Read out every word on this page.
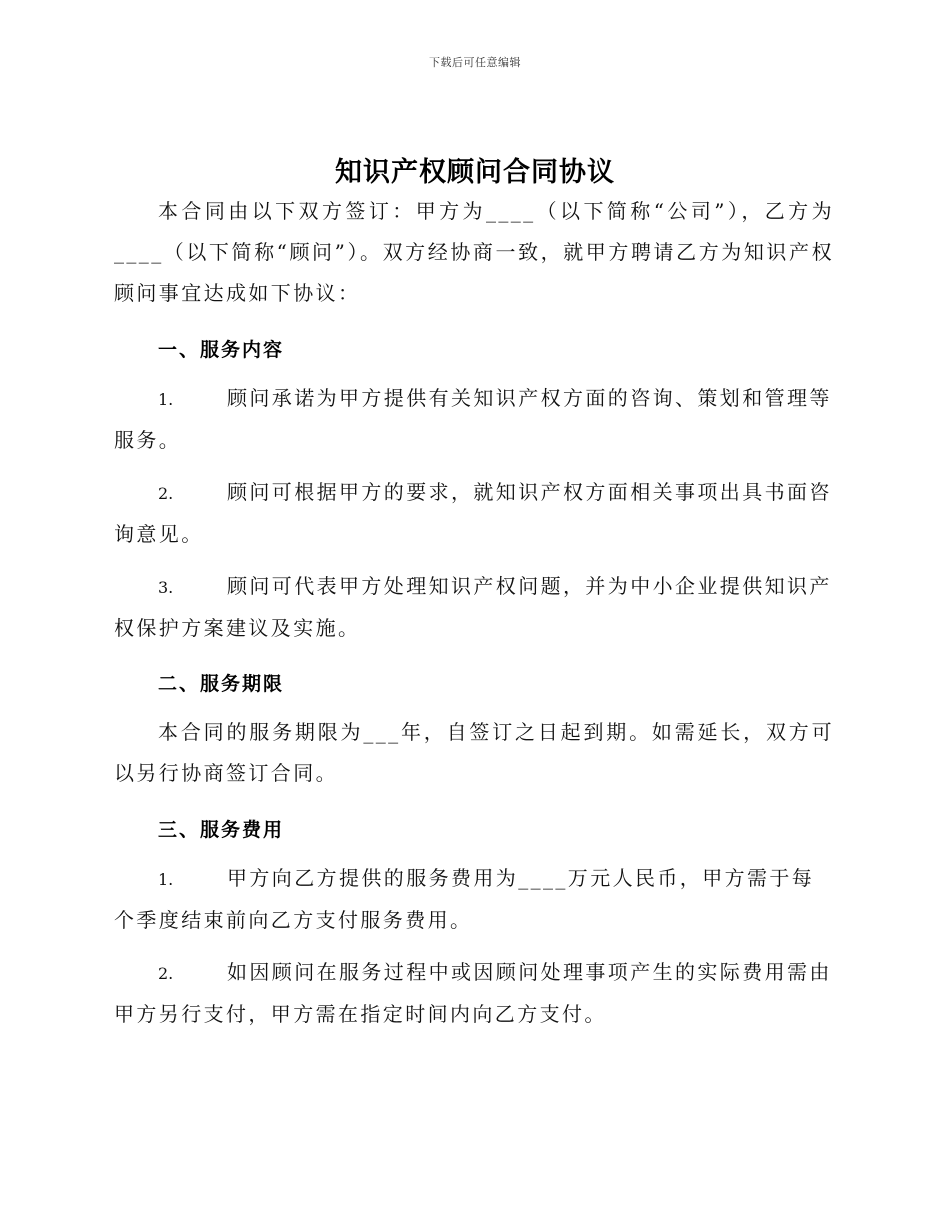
下载后可任意编辑
知识产权顾问合同协议

本合同由以下双方签订：甲方为____（以下简称“公司”），乙方为____（以下简称“顾问”）。双方经协商一致，就甲方聘请乙方为知识产权顾问事宜达成如下协议：

一、服务内容

1.	顾问承诺为甲方提供有关知识产权方面的咨询、策划和管理等服务。

2.	顾问可根据甲方的要求，就知识产权方面相关事项出具书面咨询意见。

3.	顾问可代表甲方处理知识产权问题，并为中小企业提供知识产权保护方案建议及实施。

二、服务期限

本合同的服务期限为___年，自签订之日起到期。如需延长，双方可以另行协商签订合同。

三、服务费用

1.	甲方向乙方提供的服务费用为____万元人民币，甲方需于每个季度结束前向乙方支付服务费用。

2.	如因顾问在服务过程中或因顾问处理事项产生的实际费用需由甲方另行支付，甲方需在指定时间内向乙方支付。
